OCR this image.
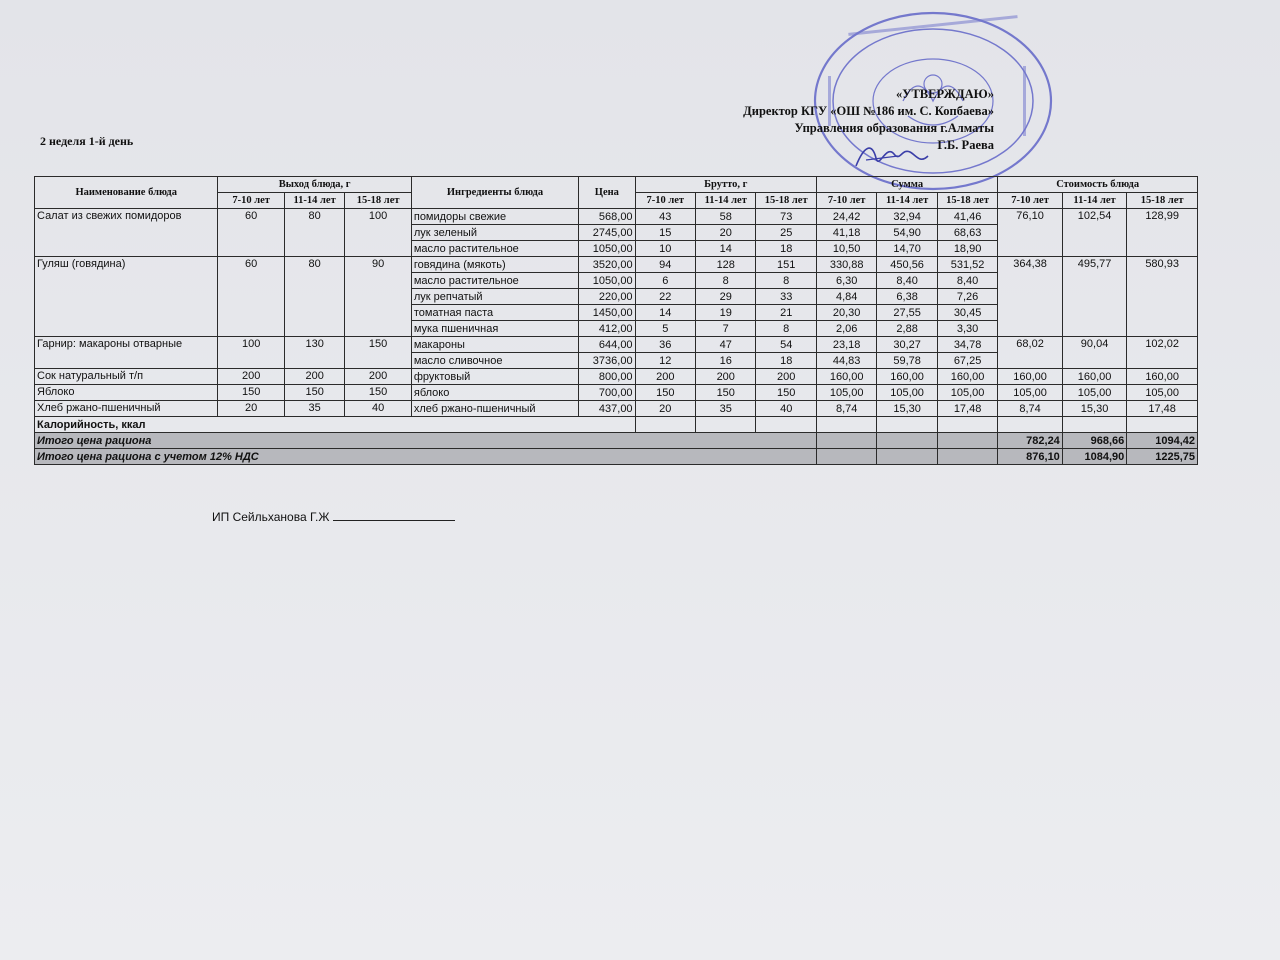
«УТВЕРЖДАЮ»
Директор КГУ «ОШ №186 им. С. Копбаева»
Управления образования г.Алматы
Г.Б. Раева
2 неделя 1-й день
Наименование блюда	Выход блюда, г			Ингредиенты блюда	Цена	Брутто, г			Сумма			Стоимость блюда		
	7-10 лет	11-14 лет	15-18 лет			7-10 лет	11-14 лет	15-18 лет	7-10 лет	11-14 лет	15-18 лет	7-10 лет	11-14 лет	15-18 лет
Салат из свежих помидоров	60	80	100	помидоры свежие	568,00	43	58	73	24,42	32,94	41,46	76,10	102,54	128,99
				лук зеленый	2745,00	15	20	25	41,18	54,90	68,63			
				масло растительное	1050,00	10	14	18	10,50	14,70	18,90			
Гуляш (говядина)	60	80	90	говядина (мякоть)	3520,00	94	128	151	330,88	450,56	531,52	364,38	495,77	580,93
				масло растительное	1050,00	6	8	8	6,30	8,40	8,40			
				лук репчатый	220,00	22	29	33	4,84	6,38	7,26			
				томатная паста	1450,00	14	19	21	20,30	27,55	30,45			
				мука пшеничная	412,00	5	7	8	2,06	2,88	3,30			
Гарнир: макароны отварные	100	130	150	макароны	644,00	36	47	54	23,18	30,27	34,78	68,02	90,04	102,02
				масло сливочное	3736,00	12	16	18	44,83	59,78	67,25			
Сок натуральный т/п	200	200	200	фруктовый	800,00	200	200	200	160,00	160,00	160,00	160,00	160,00	160,00
Яблоко	150	150	150	яблоко	700,00	150	150	150	105,00	105,00	105,00	105,00	105,00	105,00
Хлеб ржано-пшеничный	20	35	40	хлеб ржано-пшеничный	437,00	20	35	40	8,74	15,30	17,48	8,74	15,30	17,48
Калорийность, ккал														
Итого цена рациона												782,24	968,66	1094,42
Итого цена рациона с учетом 12% НДС												876,10	1084,90	1225,75
ИП Сейльханова Г.Ж
